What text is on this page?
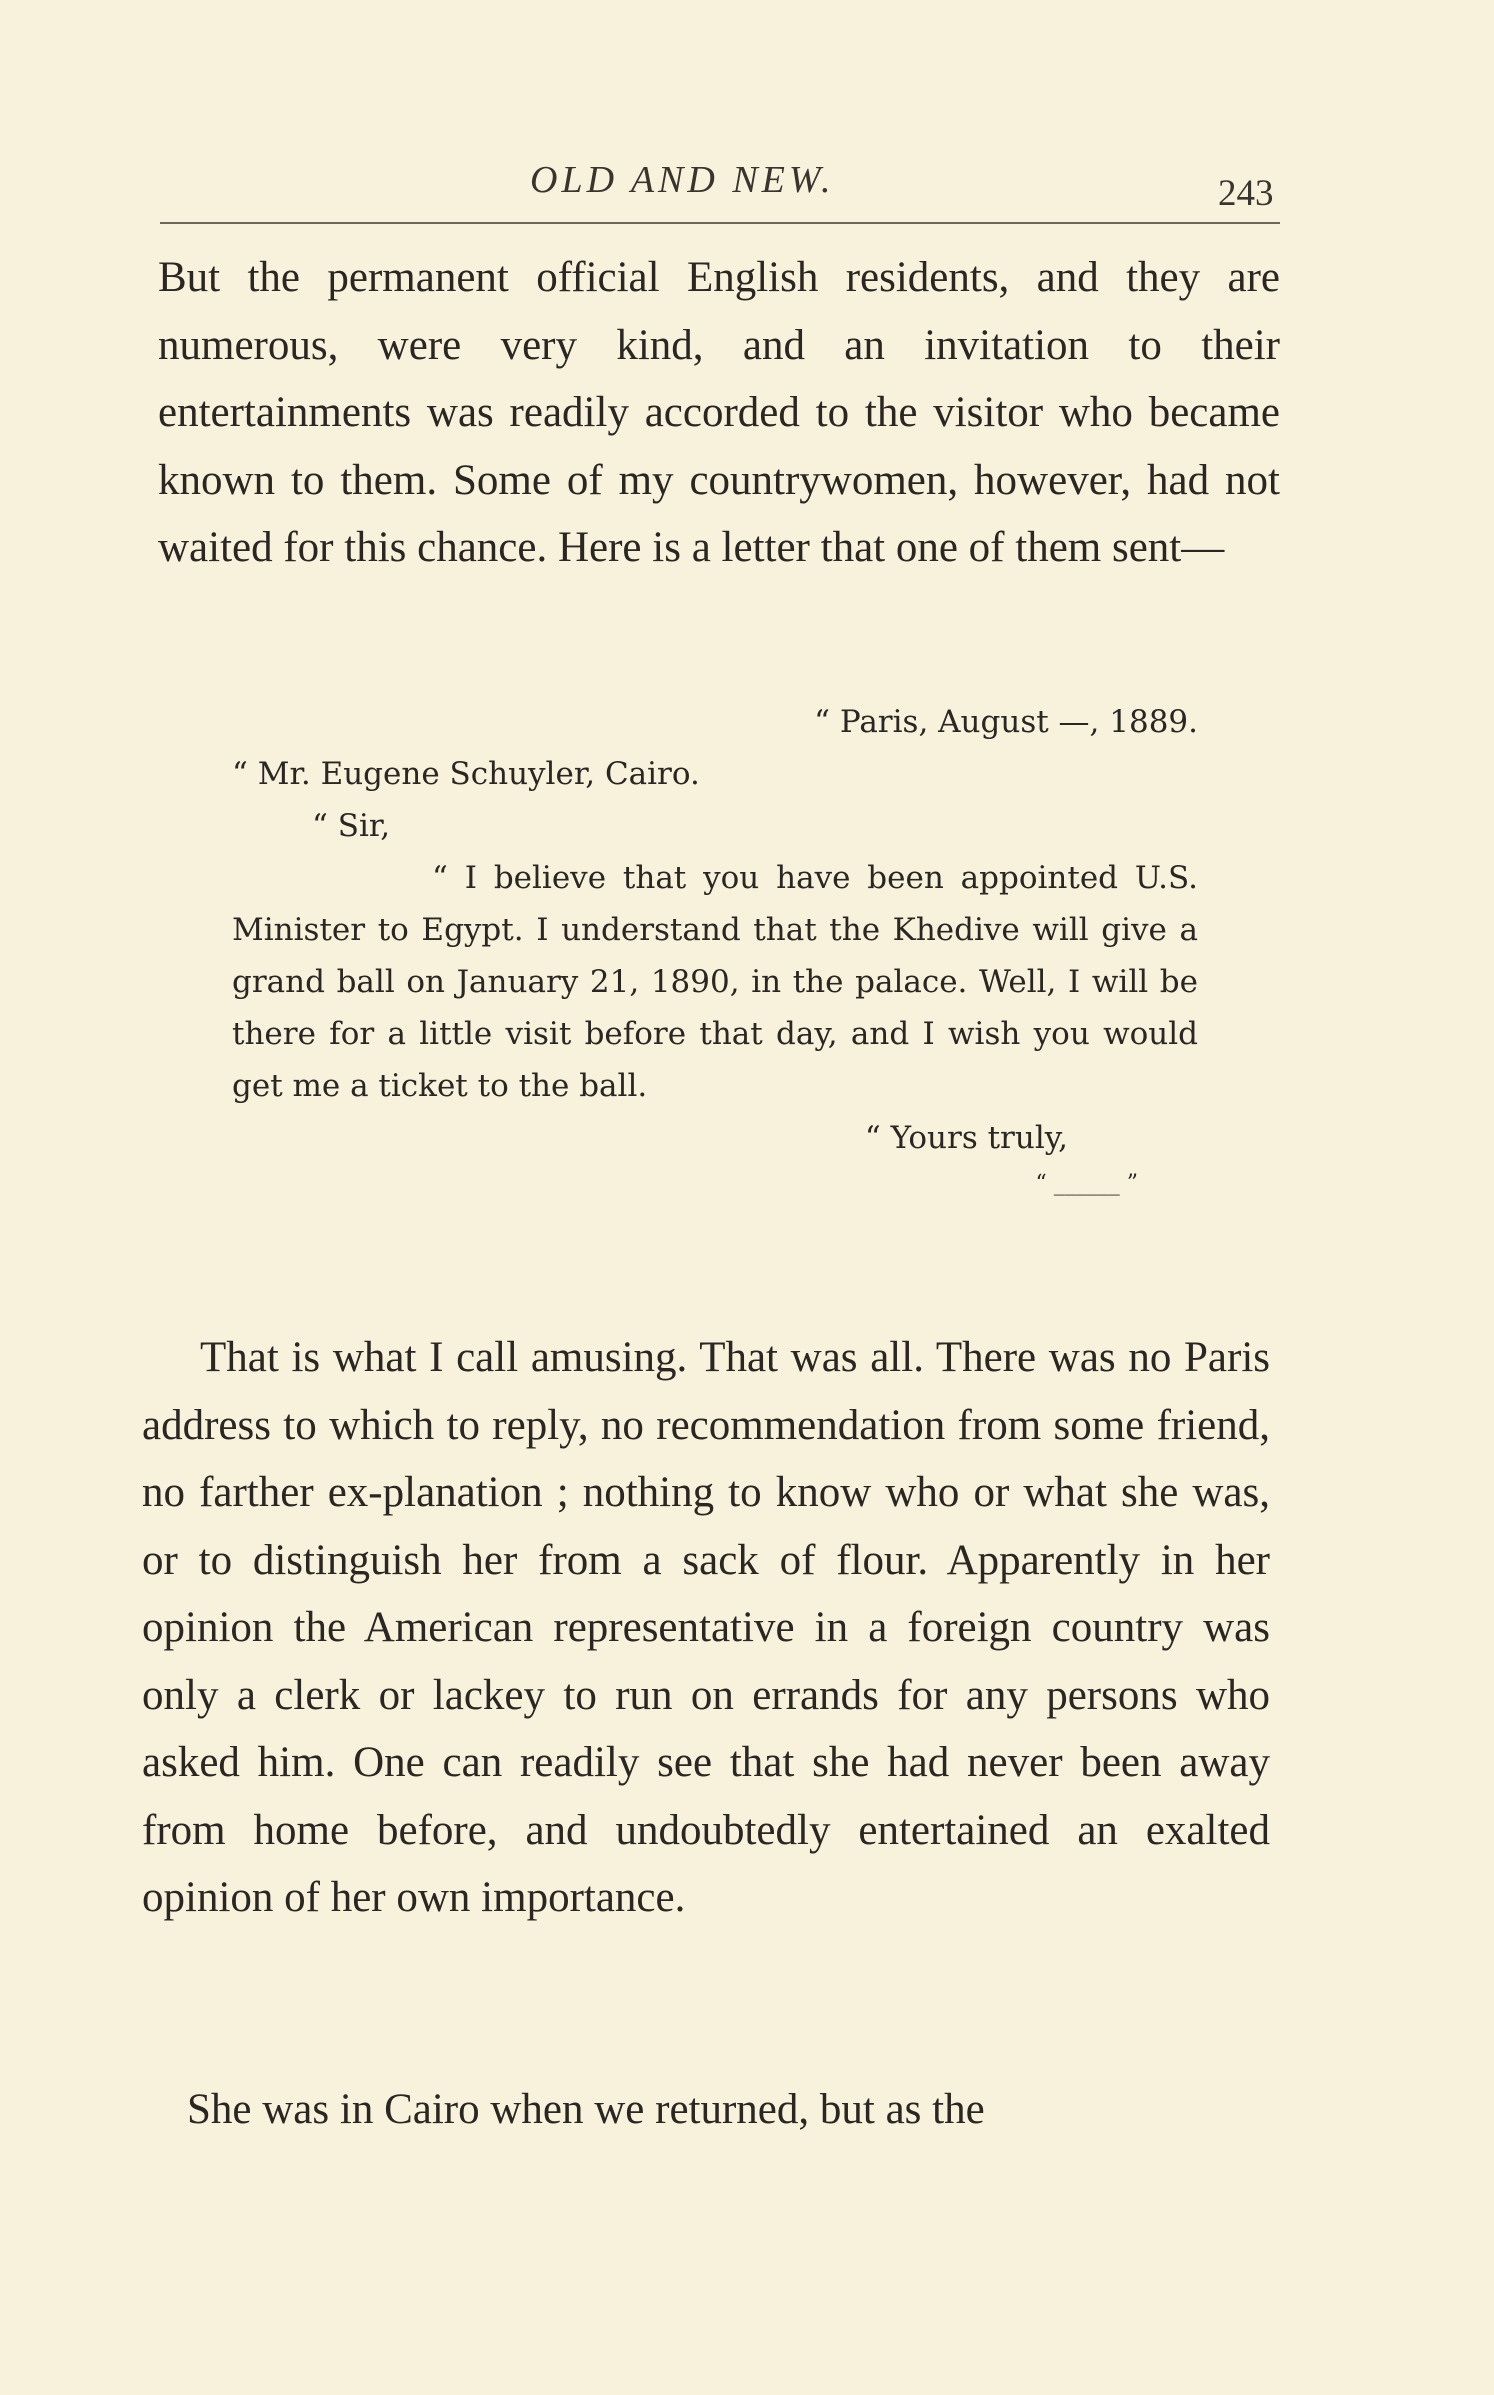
OLD AND NEW.	243

But the permanent official English residents, and they are numerous, were very kind, and an invitation to their entertainments was readily accorded to the visitor who became known to them. Some of my countrywomen, however, had not waited for this chance. Here is a letter that one of them sent—

“ Paris, August —, 1889.
“ Mr. Eugene Schuyler, Cairo.
“ Sir,
“ I believe that you have been appointed U.S. Minister to Egypt. I understand that the Khedive will give a grand ball on January 21, 1890, in the palace. Well, I will be there for a little visit before that day, and I wish you would get me a ticket to the ball.
“ Yours truly,
“ ______ ”

That is what I call amusing. That was all. There was no Paris address to which to reply, no recommendation from some friend, no farther ex-planation ; nothing to know who or what she was, or to distinguish her from a sack of flour. Apparently in her opinion the American representative in a foreign country was only a clerk or lackey to run on errands for any persons who asked him. One can readily see that she had never been away from home before, and undoubtedly entertained an exalted opinion of her own importance.

She was in Cairo when we returned, but as the
